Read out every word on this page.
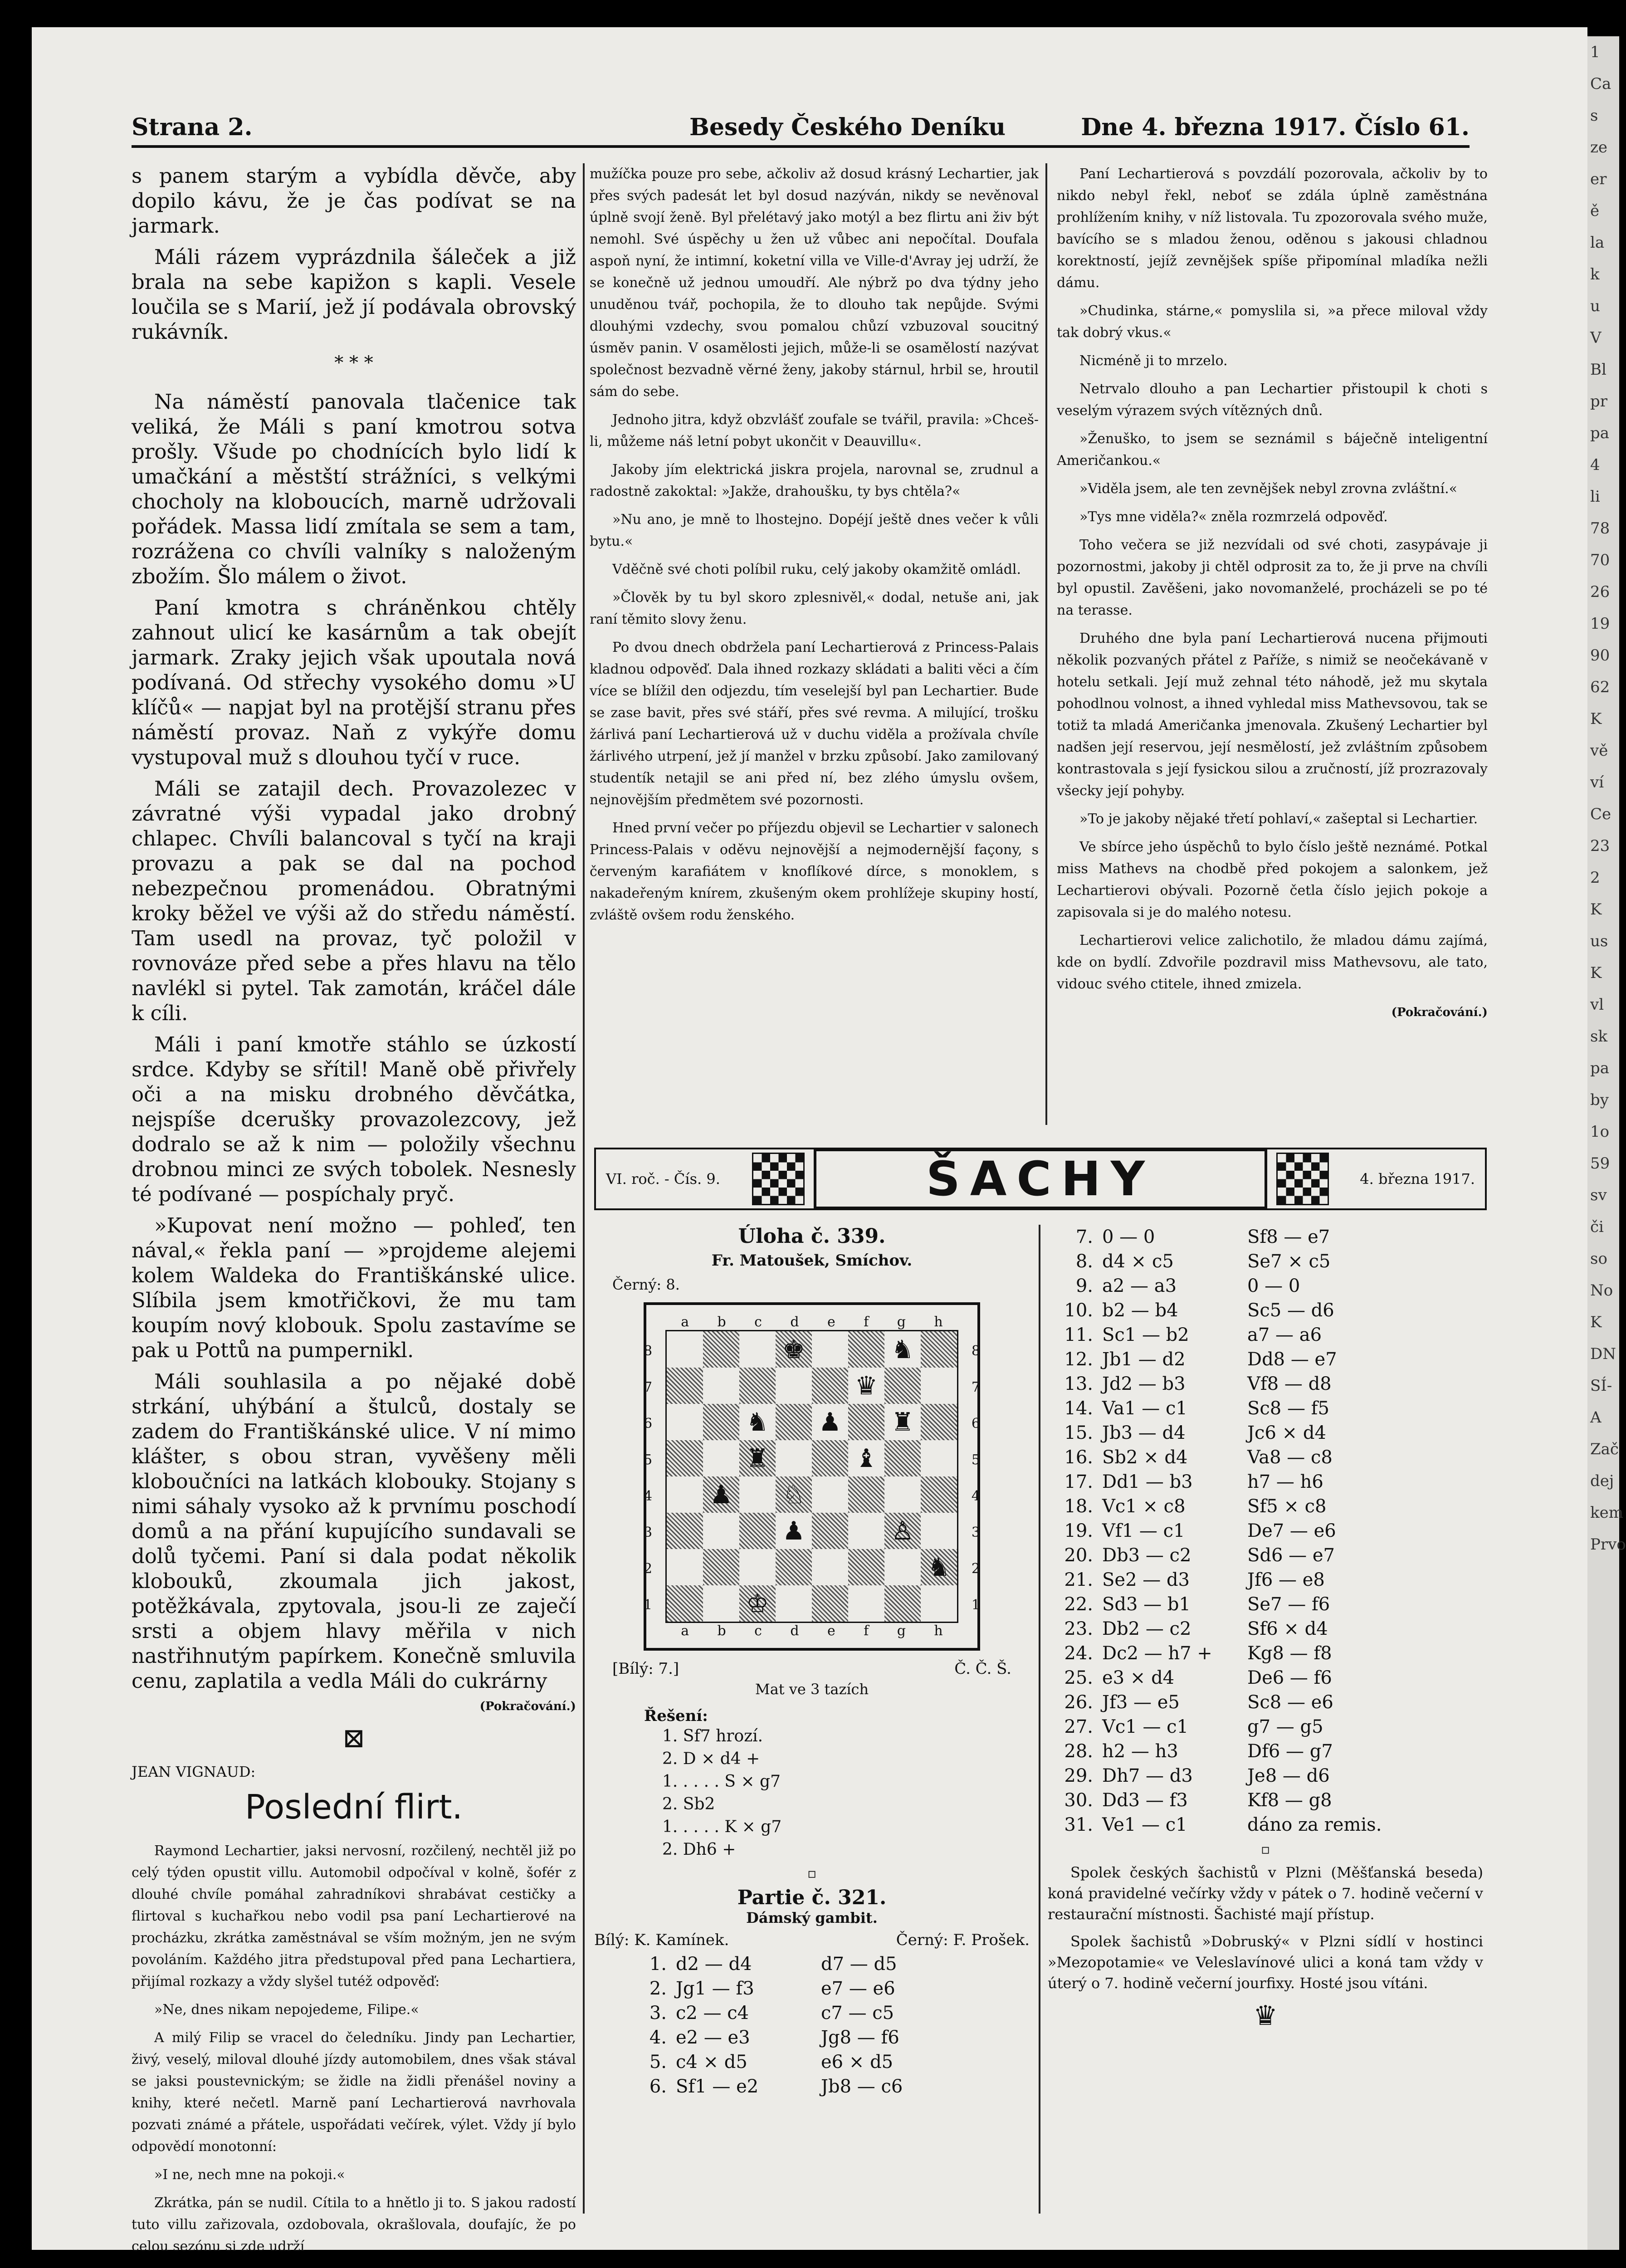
1
Ca
s
ze
er
ě
la
k
u
V
Bl
pr
pa
4
li
78
70
26
19
90
62
K
vě
ví
Ce
23
2
K
us
K
vl
sk
pa
by
1o
59
sv
či
so
No
K
DN
SÍ-A
Zač
dej
kem
Prvo
Strana 2.	Besedy Českého Deníku	Dne 4. března 1917. Číslo 61.

s panem starým a vybídla děvče, aby dopilo kávu, že je čas podívat se na jarmark.

Máli rázem vyprázdnila šáleček a již brala na sebe kapižon s kapli. Vesele loučila se s Marií, jež jí podávala obrovský rukávník.

* * *

Na náměstí panovala tlačenice tak veliká, že Máli s paní kmotrou sotva prošly. Všude po chodnících bylo lidí k umačkání a městští strážníci, s velkými chocholy na kloboucích, marně udržovali pořádek. Massa lidí zmítala se sem a tam, rozrážena co chvíli valníky s naloženým zbožím. Šlo málem o život.

Paní kmotra s chráněnkou chtěly zahnout ulicí ke kasárnům a tak obejít jarmark. Zraky jejich však upoutala nová podívaná. Od střechy vysokého domu »U klíčů« — napjat byl na protější stranu přes náměstí provaz. Naň z vykýře domu vystupoval muž s dlouhou tyčí v ruce.

Máli se zatajil dech. Provazolezec v závratné výši vypadal jako drobný chlapec. Chvíli balancoval s tyčí na kraji provazu a pak se dal na pochod nebezpečnou promenádou. Obratnými kroky běžel ve výši až do středu náměstí. Tam usedl na provaz, tyč položil v rovnováze před sebe a přes hlavu na tělo navlékl si pytel. Tak zamotán, kráčel dále k cíli.

Máli i paní kmotře stáhlo se úzkostí srdce. Kdyby se sřítil! Maně obě přivřely oči a na misku drobného děvčátka, nejspíše dcerušky provazolezcovy, jež dodralo se až k nim — položily všechnu drobnou minci ze svých tobolek. Nesnesly té podívané — pospíchaly pryč.

»Kupovat není možno — pohleď, ten nával,« řekla paní — »projdeme alejemi kolem Waldeka do Františkánské ulice. Slíbila jsem kmotřičkovi, že mu tam koupím nový klobouk. Spolu zastavíme se pak u Pottů na pumpernikl.

Máli souhlasila a po nějaké době strkání, uhýbání a štulců, dostaly se zadem do Františkánské ulice. V ní mimo klášter, s obou stran, vyvěšeny měli kloboučníci na latkách klobouky. Stojany s nimi sáhaly vysoko až k prvnímu poschodí domů a na přání kupujícího sundavali se dolů tyčemi. Paní si dala podat několik klobouků, zkoumala jich jakost, potěžkávala, zpytovala, jsou-li ze zaječí srsti a objem hlavy měřila v nich nastřihnutým papírkem. Konečně smluvila cenu, zaplatila a vedla Máli do cukrárny

(Pokračování.)
⊠
JEAN VIGNAUD:
Poslední flirt.

Raymond Lechartier, jaksi nervosní, rozčilený, nechtěl již po celý týden opustit villu. Automobil odpočíval v kolně, šofér z dlouhé chvíle pomáhal zahradníkovi shrabávat cestičky a flirtoval s kuchařkou nebo vodil psa paní Lechartierové na procházku, zkrátka zaměstnával se vším možným, jen ne svým povoláním. Každého jitra předstupoval před pana Lechartiera, přijímal rozkazy a vždy slyšel tutéž odpověď:

»Ne, dnes nikam nepojedeme, Filipe.«

A milý Filip se vracel do čeledníku. Jindy pan Lechartier, živý, veselý, miloval dlouhé jízdy automobilem, dnes však stával se jaksi poustevnickým; se židle na židli přenášel noviny a knihy, které nečetl. Marně paní Lechartierová navrhovala pozvati známé a přátele, uspořádati večírek, výlet. Vždy jí bylo odpovědí monotonní:

»I ne, nech mne na pokoji.«

Zkrátka, pán se nudil. Cítila to a hnětlo ji to. S jakou radostí tuto villu zařizovala, ozdobovala, okrašlovala, doufajíc, že po celou sezónu si zde udrží

mužíčka pouze pro sebe, ačkoliv až dosud krásný Lechartier, jak přes svých padesát let byl dosud nazýván, nikdy se nevěnoval úplně svojí ženě. Byl přelétavý jako motýl a bez flirtu ani živ být nemohl. Své úspěchy u žen už vůbec ani nepočítal. Doufala aspoň nyní, že intimní, koketní villa ve Ville-d'Avray jej udrží, že se konečně už jednou umoudří. Ale nýbrž po dva týdny jeho unuděnou tvář, pochopila, že to dlouho tak nepůjde. Svými dlouhými vzdechy, svou pomalou chůzí vzbuzoval soucitný úsměv panin. V osamělosti jejich, může-li se osamělostí nazývat společnost bezvadně věrné ženy, jakoby stárnul, hrbil se, hroutil sám do sebe.

Jednoho jitra, když obzvlášť zoufale se tvářil, pravila: »Chceš-li, můžeme náš letní pobyt ukončit v Deauvillu«.

Jakoby jím elektrická jiskra projela, narovnal se, zrudnul a radostně zakoktal: »Jakže, drahoušku, ty bys chtěla?«

»Nu ano, je mně to lhostejno. Dopéjí ještě dnes večer k vůli bytu.«

Vděčně své choti políbil ruku, celý jakoby okamžitě omládl.

»Člověk by tu byl skoro zplesnivěl,« dodal, netuše ani, jak raní těmito slovy ženu.

Po dvou dnech obdržela paní Lechartierová z Princess-Palais kladnou odpověď. Dala ihned rozkazy skládati a baliti věci a čím více se blížil den odjezdu, tím veselejší byl pan Lechartier. Bude se zase bavit, přes své stáří, přes své revma. A milující, trošku žárlivá paní Lechartierová už v duchu viděla a prožívala chvíle žárlivého utrpení, jež jí manžel v brzku způsobí. Jako zamilovaný studentík netajil se ani před ní, bez zlého úmyslu ovšem, nejnovějším předmětem své pozornosti.

Hned první večer po příjezdu objevil se Lechartier v salonech Princess-Palais v oděvu nejnovější a nejmodernější façony, s červeným karafiátem v knoflíkové dírce, s monoklem, s nakadeřeným knírem, zkušeným okem prohlížeje skupiny hostí, zvláště ovšem rodu ženského.

Paní Lechartierová s povzdálí pozorovala, ačkoliv by to nikdo nebyl řekl, neboť se zdála úplně zaměstnána prohlížením knihy, v níž listovala. Tu zpozorovala svého muže, bavícího se s mladou ženou, oděnou s jakousi chladnou korektností, jejíž zevnějšek spíše připomínal mladíka nežli dámu.

»Chudinka, stárne,« pomyslila si, »a přece miloval vždy tak dobrý vkus.«

Nicméně ji to mrzelo.

Netrvalo dlouho a pan Lechartier přistoupil k choti s veselým výrazem svých vítězných dnů.

»Ženuško, to jsem se seznámil s báječně inteligentní Američankou.«

»Viděla jsem, ale ten zevnějšek nebyl zrovna zvláštní.«

»Tys mne viděla?« zněla rozmrzelá odpověď.

Toho večera se již nezvídali od své choti, zasypávaje ji pozornostmi, jakoby ji chtěl odprosit za to, že ji prve na chvíli byl opustil. Zavěšeni, jako novomanželé, procházeli se po té na terasse.

Druhého dne byla paní Lechartierová nucena přijmouti několik pozvaných přátel z Paříže, s nimiž se neočekávaně v hotelu setkali. Její muž zehnal této náhodě, jež mu skytala pohodlnou volnost, a ihned vyhledal miss Mathevsovou, tak se totiž ta mladá Američanka jmenovala. Zkušený Lechartier byl nadšen její reservou, její nesmělostí, jež zvláštním způsobem kontrastovala s její fysickou silou a zručností, jíž prozrazovaly všecky její pohyby.

»To je jakoby nějaké třetí pohlaví,« zašeptal si Lechartier.

Ve sbírce jeho úspěchů to bylo číslo ještě neznámé. Potkal miss Mathevs na chodbě před pokojem a salonkem, jež Lechartierovi obývali. Pozorně četla číslo jejich pokoje a zapisovala si je do malého notesu.

Lechartierovi velice zalichotilo, že mladou dámu zajímá, kde on bydlí. Zdvořile pozdravil miss Mathevsovu, ale tato, vidouc svého ctitele, ihned zmizela.

(Pokračování.)
VI. roč. - Čís. 9.	ŠACHY	4. března 1917.
Úloha č. 339.
Fr. Matoušek, Smíchov.
Černý: 8.
a b c d e f g h
8
7
6
5
4
3
2
1
♚	♞
♛
♞ ♟ ♜
♜	♝
♟ ♘
♟	♙
♞
♔
8
7
6
5
4
3
2
1
a b c d e f g h
[Bílý: 7.]	Č. Č. Š.
Mat ve 3 tazích
Řešení:
1. Sf7 hrozí.
2. D × d4 +
1. . . . . S × g7
2. Sb2
1. . . . . K × g7
2. Dh6 +
▫
Partie č. 321.
Dámský gambit.
Bílý: K. Kamínek.	Černý: F. Prošek.
1. d2 — d4	d7 — d5
2. Jg1 — f3	e7 — e6
3. c2 — c4	c7 — c5
4. e2 — e3	Jg8 — f6
5. c4 × d5	e6 × d5
6. Sf1 — e2	Jb8 — c6
7. 0 — 0	Sf8 — e7
8. d4 × c5	Se7 × c5
9. a2 — a3	0 — 0
10. b2 — b4	Sc5 — d6
11. Sc1 — b2	a7 — a6
12. Jb1 — d2	Dd8 — e7
13. Jd2 — b3	Vf8 — d8
14. Va1 — c1	Sc8 — f5
15. Jb3 — d4	Jc6 × d4
16. Sb2 × d4	Va8 — c8
17. Dd1 — b3	h7 — h6
18. Vc1 × c8	Sf5 × c8
19. Vf1 — c1	De7 — e6
20. Db3 — c2	Sd6 — e7
21. Se2 — d3	Jf6 — e8
22. Sd3 — b1	Se7 — f6
23. Db2 — c2	Sf6 × d4
24. Dc2 — h7 +	Kg8 — f8
25. e3 × d4	De6 — f6
26. Jf3 — e5	Sc8 — e6
27. Vc1 — c1	g7 — g5
28. h2 — h3	Df6 — g7
29. Dh7 — d3	Je8 — d6
30. Dd3 — f3	Kf8 — g8
31. Ve1 — c1	dáno za remis.
▫

Spolek českých šachistů v Plzni (Měšťanská beseda) koná pravidelné večírky vždy v pátek o 7. hodině večerní v restaurační místnosti. Šachisté mají přístup.

Spolek šachistů »Dobruský« v Plzni sídlí v hostinci »Mezopotamie« ve Veleslavínové ulici a koná tam vždy v úterý o 7. hodině večerní jourfixy. Hosté jsou vítáni.

♛
